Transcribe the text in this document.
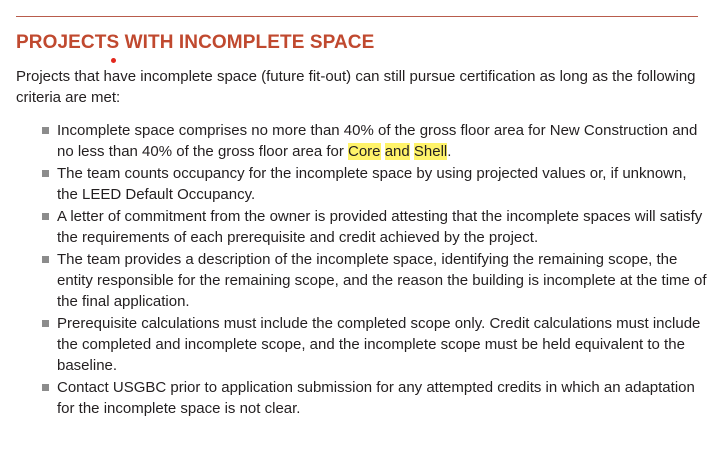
PROJECTS WITH INCOMPLETE SPACE

Projects that have incomplete space (future fit-out) can still pursue certification as long as the following criteria are met:

Incomplete space comprises no more than 40% of the gross floor area for New Construction and no less than 40% of the gross floor area for Core and Shell.
The team counts occupancy for the incomplete space by using projected values or, if unknown, the LEED Default Occupancy.
A letter of commitment from the owner is provided attesting that the incomplete spaces will satisfy the requirements of each prerequisite and credit achieved by the project.
The team provides a description of the incomplete space, identifying the remaining scope, the entity responsible for the remaining scope, and the reason the building is incomplete at the time of the final application.
Prerequisite calculations must include the completed scope only. Credit calculations must include the completed and incomplete scope, and the incomplete scope must be held equivalent to the baseline.
Contact USGBC prior to application submission for any attempted credits in which an adaptation for the incomplete space is not clear.
